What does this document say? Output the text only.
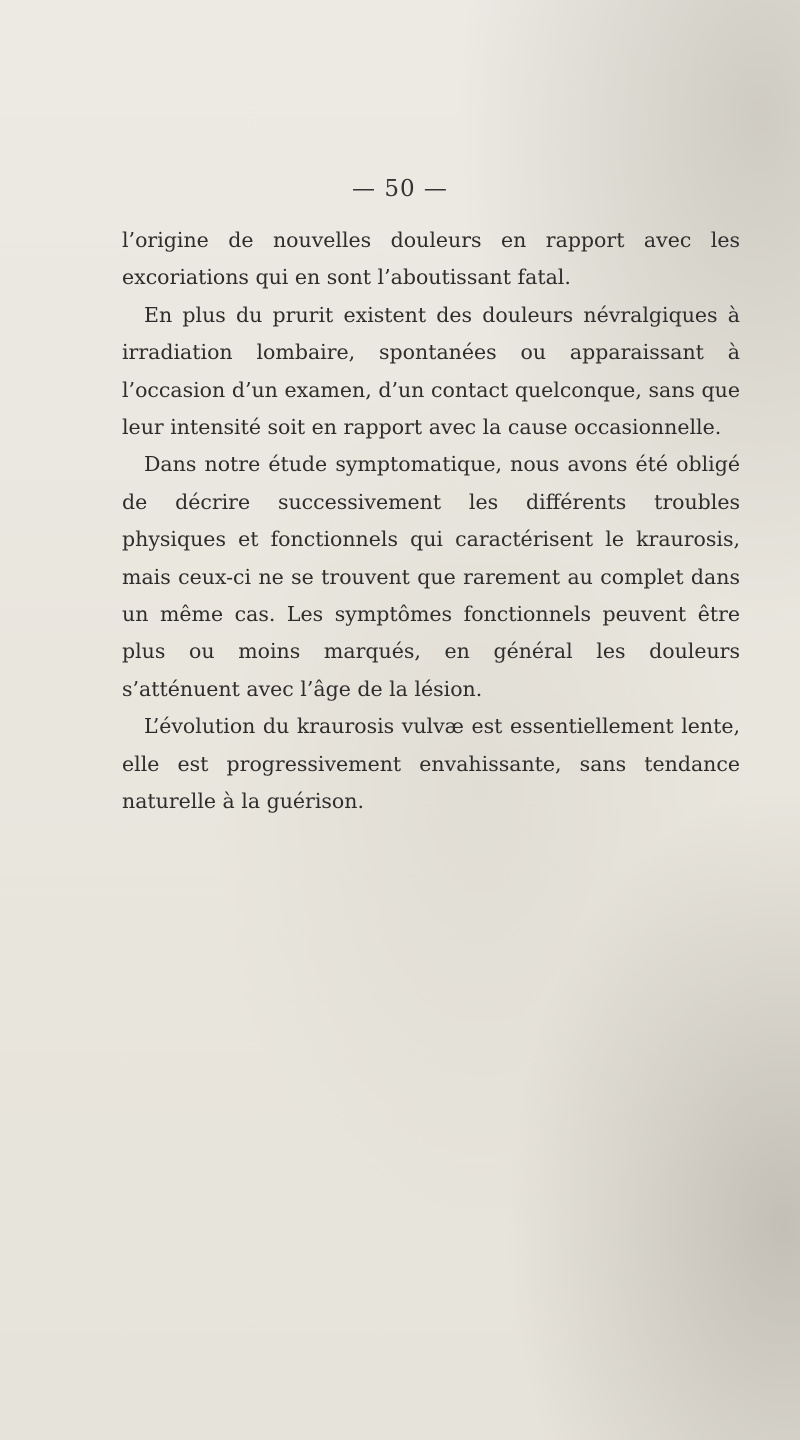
— 50 —

l’origine de nouvelles douleurs en rapport avec les excoriations qui en sont l’aboutissant fatal.

En plus du prurit existent des douleurs névralgiques à irradiation lombaire, spontanées ou apparaissant à l’occasion d’un examen, d’un contact quelconque, sans que leur intensité soit en rapport avec la cause occasionnelle.

Dans notre étude symptomatique, nous avons été obligé de décrire successivement les différents troubles physiques et fonctionnels qui caractérisent le kraurosis, mais ceux-ci ne se trouvent que rarement au complet dans un même cas. Les symptômes fonctionnels peuvent être plus ou moins marqués, en général les douleurs s’atténuent avec l’âge de la lésion.

L’évolution du kraurosis vulvæ est essentiellement lente, elle est progressivement envahissante, sans tendance naturelle à la guérison.
